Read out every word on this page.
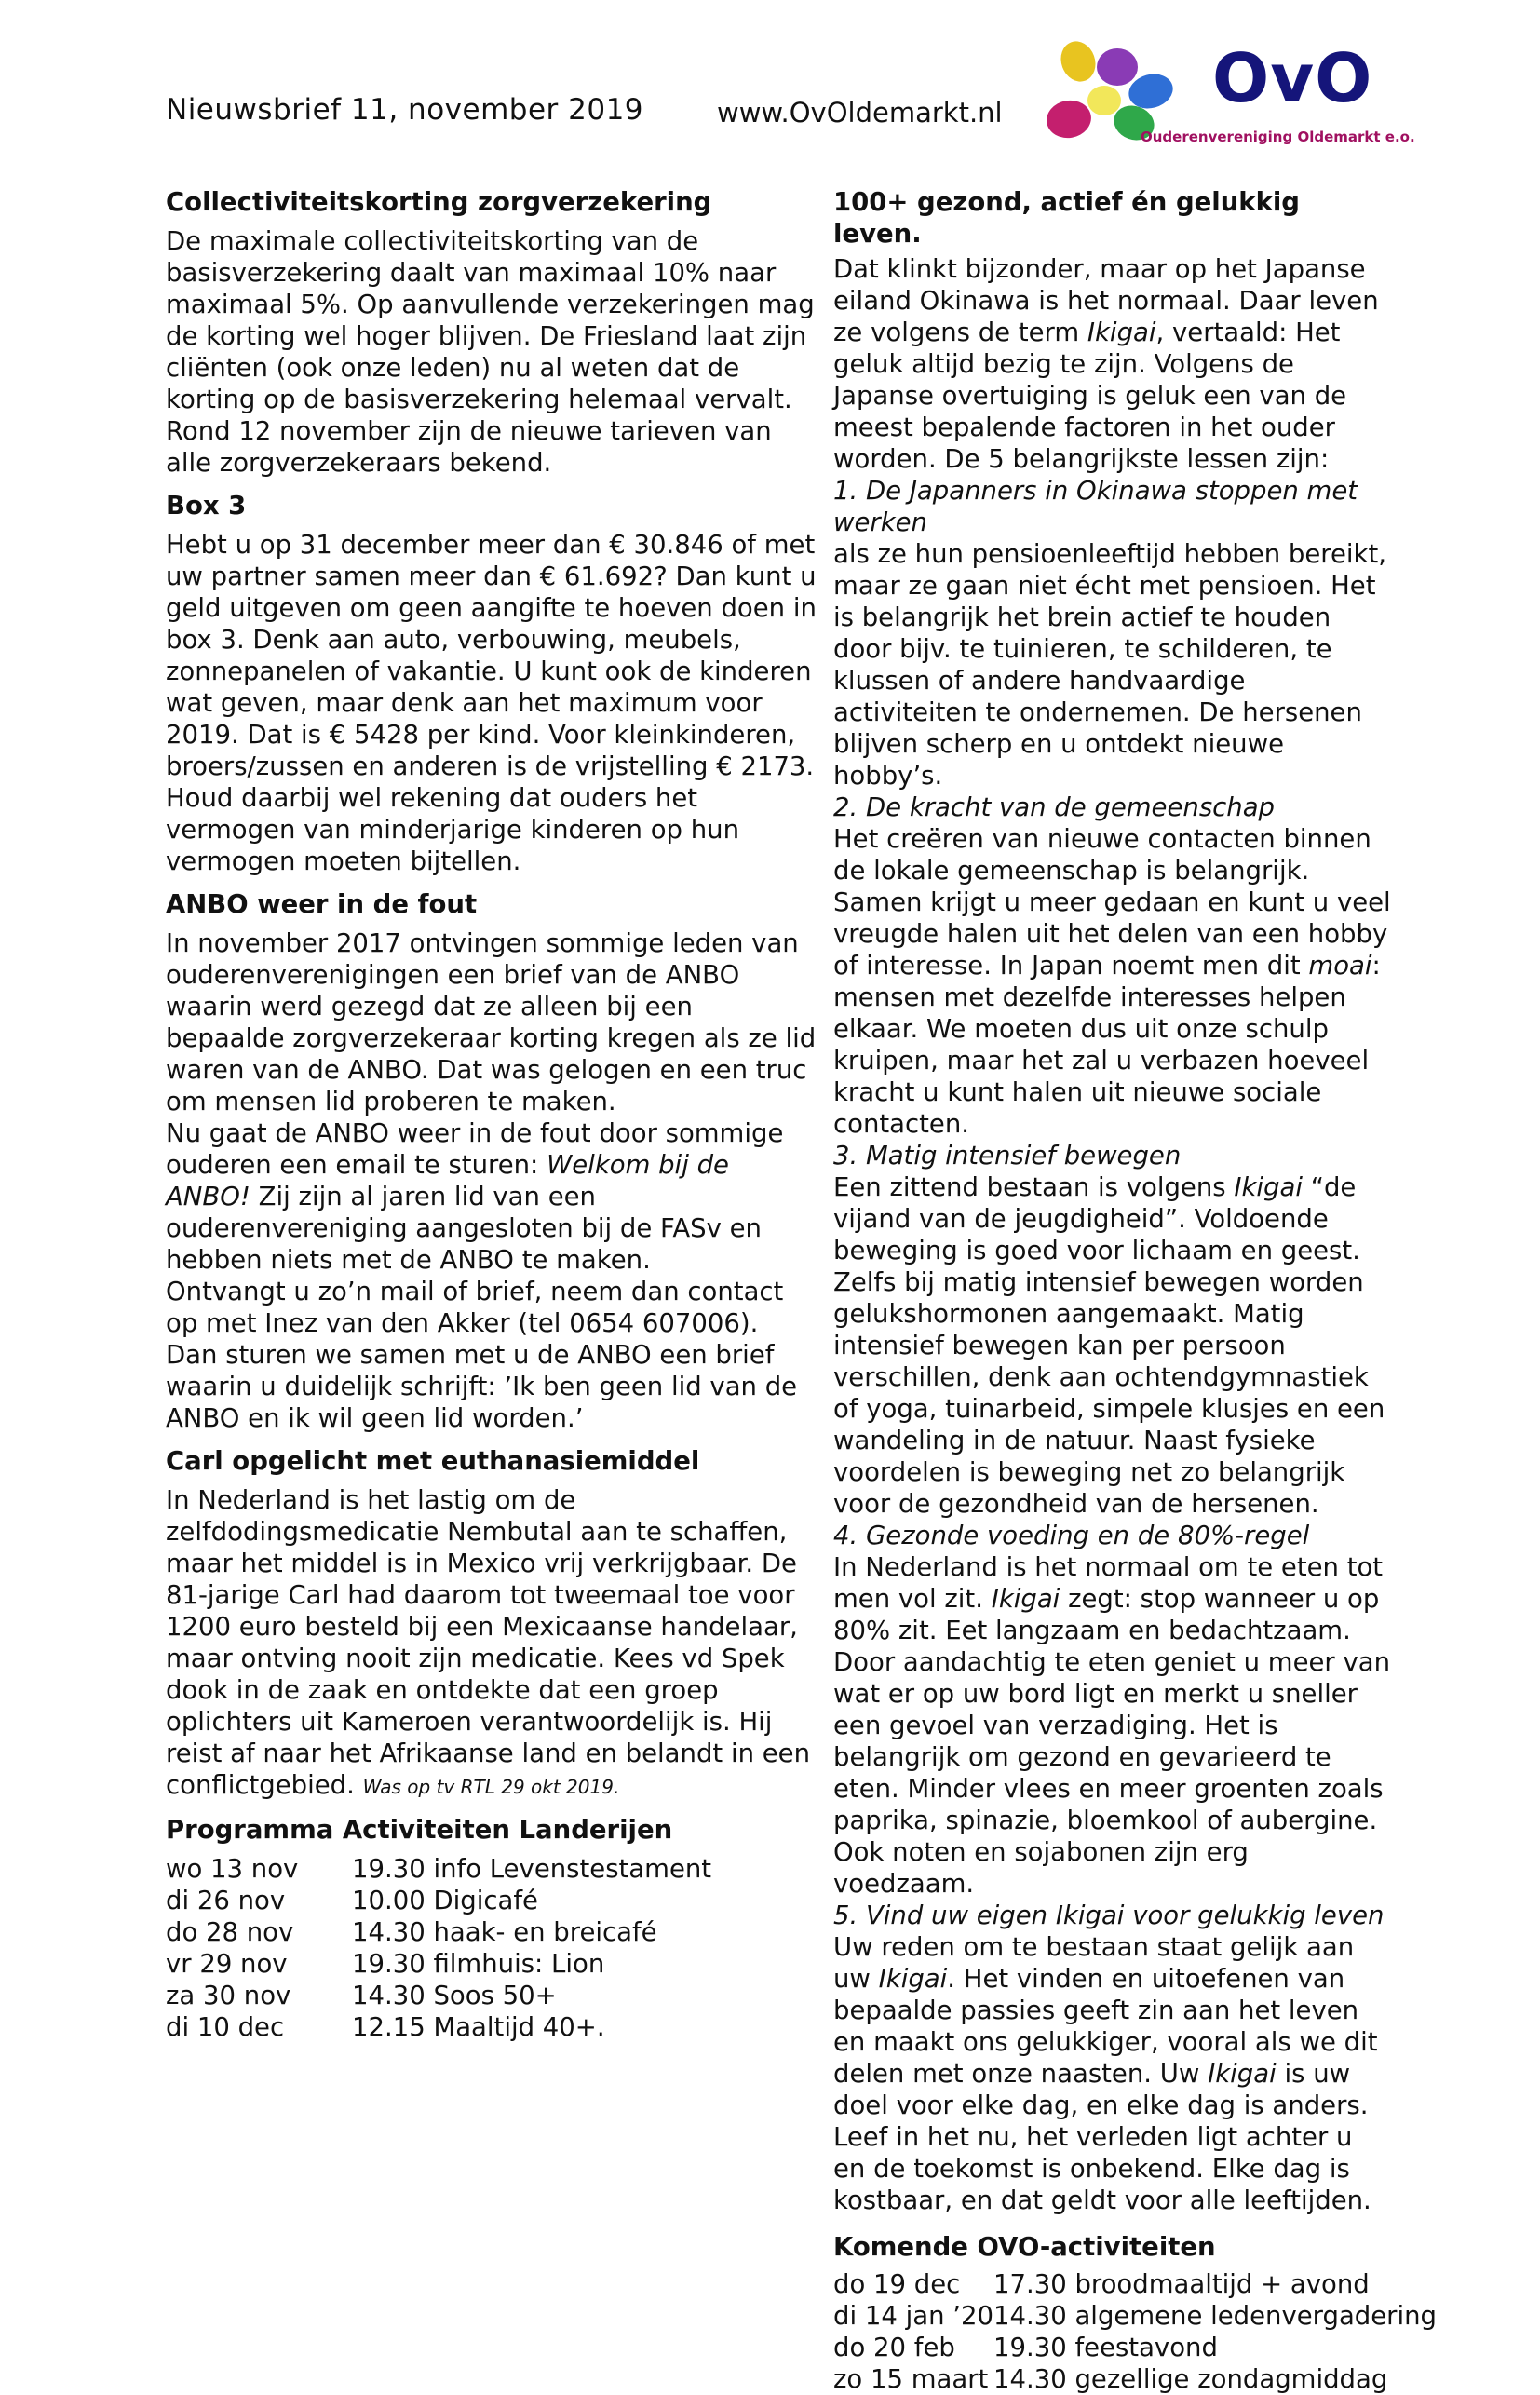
Nieuwsbrief 11, november 2019	www.OvOldemarkt.nl	OvO
Ouderenvereniging Oldemarkt e.o.
Collectiviteitskorting zorgverzekering

De maximale collectiviteitskorting van de basisverzekering daalt van maximaal 10% naar maximaal 5%. Op aanvullende verzekeringen mag de korting wel hoger blijven. De Friesland laat zijn cliënten (ook onze leden) nu al weten dat de korting op de basisverzekering helemaal vervalt. Rond 12 november zijn de nieuwe tarieven van alle zorgverzekeraars bekend.

Box 3

Hebt u op 31 december meer dan € 30.846 of met uw partner samen meer dan € 61.692? Dan kunt u geld uitgeven om geen aangifte te hoeven doen in box 3. Denk aan auto, verbouwing, meubels, zonnepanelen of vakantie. U kunt ook de kinderen wat geven, maar denk aan het maximum voor 2019. Dat is € 5428 per kind. Voor kleinkinderen, broers/zussen en anderen is de vrijstelling € 2173. Houd daarbij wel rekening dat ouders het vermogen van minderjarige kinderen op hun vermogen moeten bijtellen.

ANBO weer in de fout

In november 2017 ontvingen sommige leden van ouderenverenigingen een brief van de ANBO waarin werd gezegd dat ze alleen bij een bepaalde zorgverzekeraar korting kregen als ze lid waren van de ANBO. Dat was gelogen en een truc om mensen lid proberen te maken.

Nu gaat de ANBO weer in de fout door sommige ouderen een email te sturen: Welkom bij de ANBO! Zij zijn al jaren lid van een ouderenvereniging aangesloten bij de FASv en hebben niets met de ANBO te maken.

Ontvangt u zo’n mail of brief, neem dan contact op met Inez van den Akker (tel 0654 607006). Dan sturen we samen met u de ANBO een brief waarin u duidelijk schrijft: ’Ik ben geen lid van de ANBO en ik wil geen lid worden.’

Carl opgelicht met euthanasiemiddel

In Nederland is het lastig om de zelfdodingsmedicatie Nembutal aan te schaffen, maar het middel is in Mexico vrij verkrijgbaar. De 81-jarige Carl had daarom tot tweemaal toe voor 1200 euro besteld bij een Mexicaanse handelaar, maar ontving nooit zijn medicatie. Kees vd Spek dook in de zaak en ontdekte dat een groep oplichters uit Kameroen verantwoordelijk is. Hij reist af naar het Afrikaanse land en belandt in een conflictgebied. Was op tv RTL 29 okt 2019.

Programma Activiteiten Landerijen
wo 13 nov	19.30 info Levenstestament
di 26 nov	10.00 Digicafé
do 28 nov	14.30 haak- en breicafé
vr 29 nov	19.30 filmhuis: Lion
za 30 nov	14.30 Soos 50+
di 10 dec	12.15 Maaltijd 40+.
100+ gezond, actief én gelukkig leven.

Dat klinkt bijzonder, maar op het Japanse eiland Okinawa is het normaal. Daar leven ze volgens de term Ikigai, vertaald: Het geluk altijd bezig te zijn. Volgens de Japanse overtuiging is geluk een van de meest bepalende factoren in het ouder worden. De 5 belangrijkste lessen zijn:

1. De Japanners in Okinawa stoppen met werken

als ze hun pensioenleeftijd hebben bereikt, maar ze gaan niet écht met pensioen. Het is belangrijk het brein actief te houden door bijv. te tuinieren, te schilderen, te klussen of andere handvaardige activiteiten te ondernemen. De hersenen blijven scherp en u ontdekt nieuwe hobby’s.

2. De kracht van de gemeenschap

Het creëren van nieuwe contacten binnen de lokale gemeenschap is belangrijk. Samen krijgt u meer gedaan en kunt u veel vreugde halen uit het delen van een hobby of interesse. In Japan noemt men dit moai: mensen met dezelfde interesses helpen elkaar. We moeten dus uit onze schulp kruipen, maar het zal u verbazen hoeveel kracht u kunt halen uit nieuwe sociale contacten.

3. Matig intensief bewegen

Een zittend bestaan is volgens Ikigai “de vijand van de jeugdigheid”. Voldoende beweging is goed voor lichaam en geest. Zelfs bij matig intensief bewegen worden gelukshormonen aangemaakt. Matig intensief bewegen kan per persoon verschillen, denk aan ochtendgymnastiek of yoga, tuinarbeid, simpele klusjes en een wandeling in de natuur. Naast fysieke voordelen is beweging net zo belangrijk voor de gezondheid van de hersenen.

4. Gezonde voeding en de 80%-regel

In Nederland is het normaal om te eten tot men vol zit. Ikigai zegt: stop wanneer u op 80% zit. Eet langzaam en bedachtzaam. Door aandachtig te eten geniet u meer van wat er op uw bord ligt en merkt u sneller een gevoel van verzadiging. Het is belangrijk om gezond en gevarieerd te eten. Minder vlees en meer groenten zoals paprika, spinazie, bloemkool of aubergine. Ook noten en sojabonen zijn erg voedzaam.

5. Vind uw eigen Ikigai voor gelukkig leven

Uw reden om te bestaan staat gelijk aan uw Ikigai. Het vinden en uitoefenen van bepaalde passies geeft zin aan het leven en maakt ons gelukkiger, vooral als we dit delen met onze naasten. Uw Ikigai is uw doel voor elke dag, en elke dag is anders. Leef in het nu, het verleden ligt achter u en de toekomst is onbekend. Elke dag is kostbaar, en dat geldt voor alle leeftijden.

Komende OVO-activiteiten
do 19 dec	17.30 broodmaaltijd + avond
di 14 jan ’20	14.30 algemene ledenvergadering
do 20 feb	19.30 feestavond
zo 15 maart	14.30 gezellige zondagmiddag
